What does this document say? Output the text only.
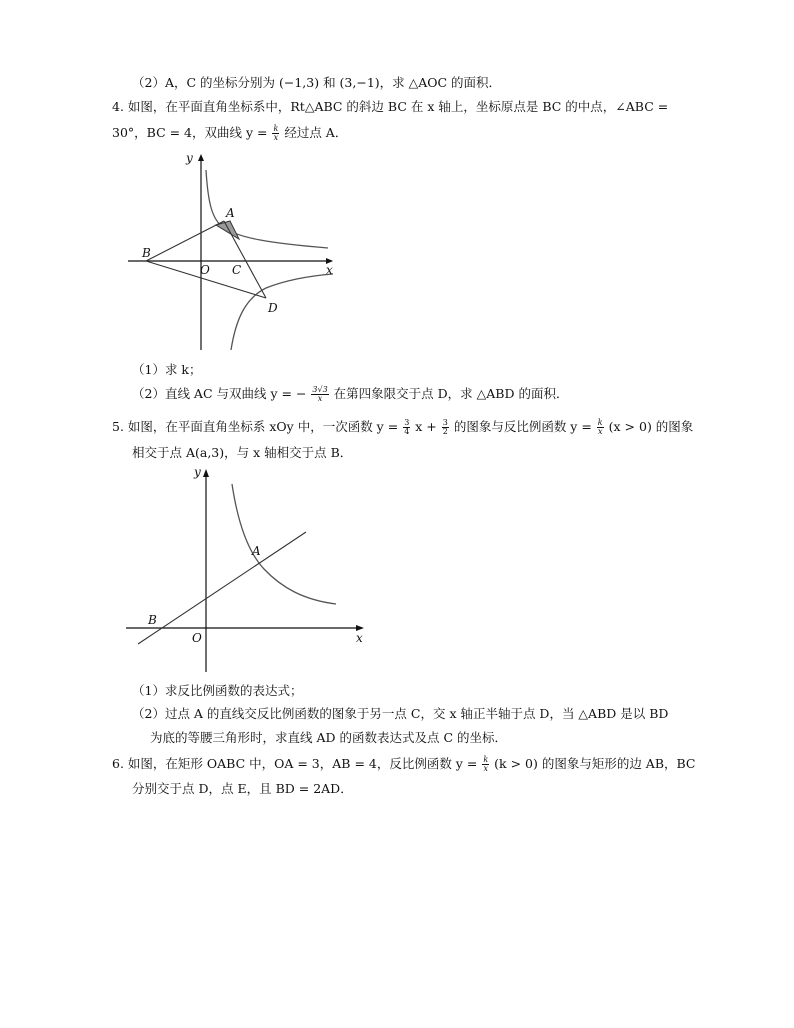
（2）A，C 的坐标分别为 (−1,3) 和 (3,−1)，求 △AOC 的面积．
4. 如图，在平面直角坐标系中，Rt△ABC 的斜边 BC 在 x 轴上，坐标原点是 BC 的中点，∠ABC =
30°，BC = 4，双曲线 $y = \frac{k}{x}$ 经过点 A．
A
B
O C
D
y
x
（1）求 k；
（2）直线 AC 与双曲线 y = − $\frac{3√3}{x}$ 在第四象限交于点 D，求 △ABD 的面积．
5. 如图，在平面直角坐标系 xOy 中，一次函数 $y = \frac{3}{4}$ $x + \frac{3}{2}$ 的图象与反比例函数 $y = \frac{k}{x} (x > 0)$ 的图象
相交于点 A(a,3)，与 x 轴相交于点 B．
A
B
O
y
x
（1）求反比例函数的表达式；
（2）过点 A 的直线交反比例函数的图象于另一点 C，交 x 轴正半轴于点 D，当 △ABD 是以 BD
为底的等腰三角形时，求直线 AD 的函数表达式及点 C 的坐标．
6. 如图，在矩形 OABC 中，OA = 3，AB = 4，反比例函数 $y = \frac{k}{x} (k > 0)$ 的图象与矩形的边 AB，BC
分别交于点 D，点 E，且 BD = 2AD．
